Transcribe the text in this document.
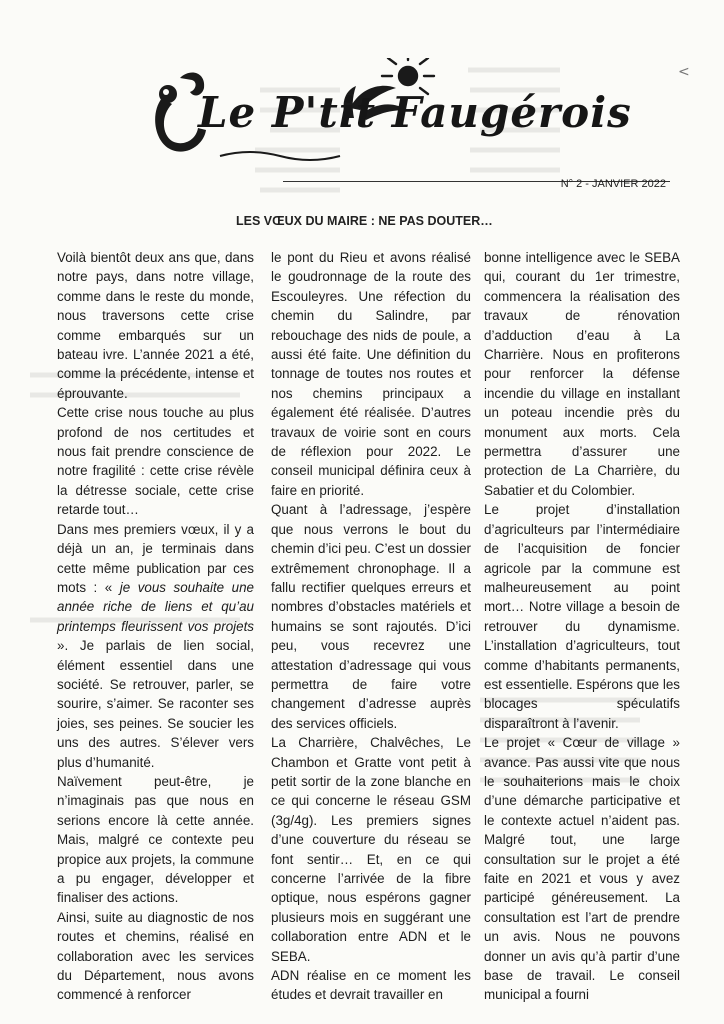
<
Le P'tit Faugérois
N° 2 - JANVIER 2022
LES VŒUX DU MAIRE : NE PAS DOUTER…

Voilà bientôt deux ans que, dans notre pays, dans notre village, comme dans le reste du monde, nous traversons cette crise comme embarqués sur un bateau ivre. L’année 2021 a été, comme la précédente, intense et éprouvante.

Cette crise nous touche au plus profond de nos certitudes et nous fait prendre conscience de notre fragilité : cette crise révèle la détresse sociale, cette crise retarde tout…

Dans mes premiers vœux, il y a déjà un an, je terminais dans cette même publication par ces mots : « je vous souhaite une année riche de liens et qu’au printemps fleurissent vos projets ». Je parlais de lien social, élément essentiel dans une société. Se retrouver, parler, se sourire, s’aimer. Se raconter ses joies, ses peines. Se soucier les uns des autres. S’élever vers plus d’humanité.

Naïvement peut-être, je n’imaginais pas que nous en serions encore là cette année. Mais, malgré ce contexte peu propice aux projets, la commune a pu engager, développer et finaliser des actions.

Ainsi, suite au diagnostic de nos routes et chemins, réalisé en collaboration avec les services du Département, nous avons commencé à renforcer

le pont du Rieu et avons réalisé le goudronnage de la route des Escouleyres. Une réfection du chemin du Salindre, par rebouchage des nids de poule, a aussi été faite. Une définition du tonnage de toutes nos routes et nos chemins principaux a également été réalisée. D’autres travaux de voirie sont en cours de réflexion pour 2022. Le conseil municipal définira ceux à faire en priorité.

Quant à l’adressage, j’espère que nous verrons le bout du chemin d’ici peu. C’est un dossier extrêmement chronophage. Il a fallu rectifier quelques erreurs et nombres d’obstacles matériels et humains se sont rajoutés. D’ici peu, vous recevrez une attestation d’adressage qui vous permettra de faire votre changement d’adresse auprès des services officiels.

La Charrière, Chalvêches, Le Chambon et Gratte vont petit à petit sortir de la zone blanche en ce qui concerne le réseau GSM (3g/4g). Les premiers signes d’une couverture du réseau se font sentir… Et, en ce qui concerne l’arrivée de la fibre optique, nous espérons gagner plusieurs mois en suggérant une collaboration entre ADN et le SEBA.

ADN réalise en ce moment les études et devrait travailler en

bonne intelligence avec le SEBA qui, courant du 1er trimestre, commencera la réalisation des travaux de rénovation d’adduction d’eau à La Charrière. Nous en profiterons pour renforcer la défense incendie du village en installant un poteau incendie près du monument aux morts. Cela permettra d’assurer une protection de La Charrière, du Sabatier et du Colombier.

Le projet d’installation d’agriculteurs par l’intermédiaire de l’acquisition de foncier agricole par la commune est malheureusement au point mort… Notre village a besoin de retrouver du dynamisme. L’installation d’agriculteurs, tout comme d’habitants permanents, est essentielle. Espérons que les blocages spéculatifs disparaîtront à l’avenir.

Le projet « Cœur de village » avance. Pas aussi vite que nous le souhaiterions mais le choix d’une démarche participative et le contexte actuel n’aident pas. Malgré tout, une large consultation sur le projet a été faite en 2021 et vous y avez participé généreusement. La consultation est l’art de prendre un avis. Nous ne pouvons donner un avis qu’à partir d’une base de travail. Le conseil municipal a fourni
